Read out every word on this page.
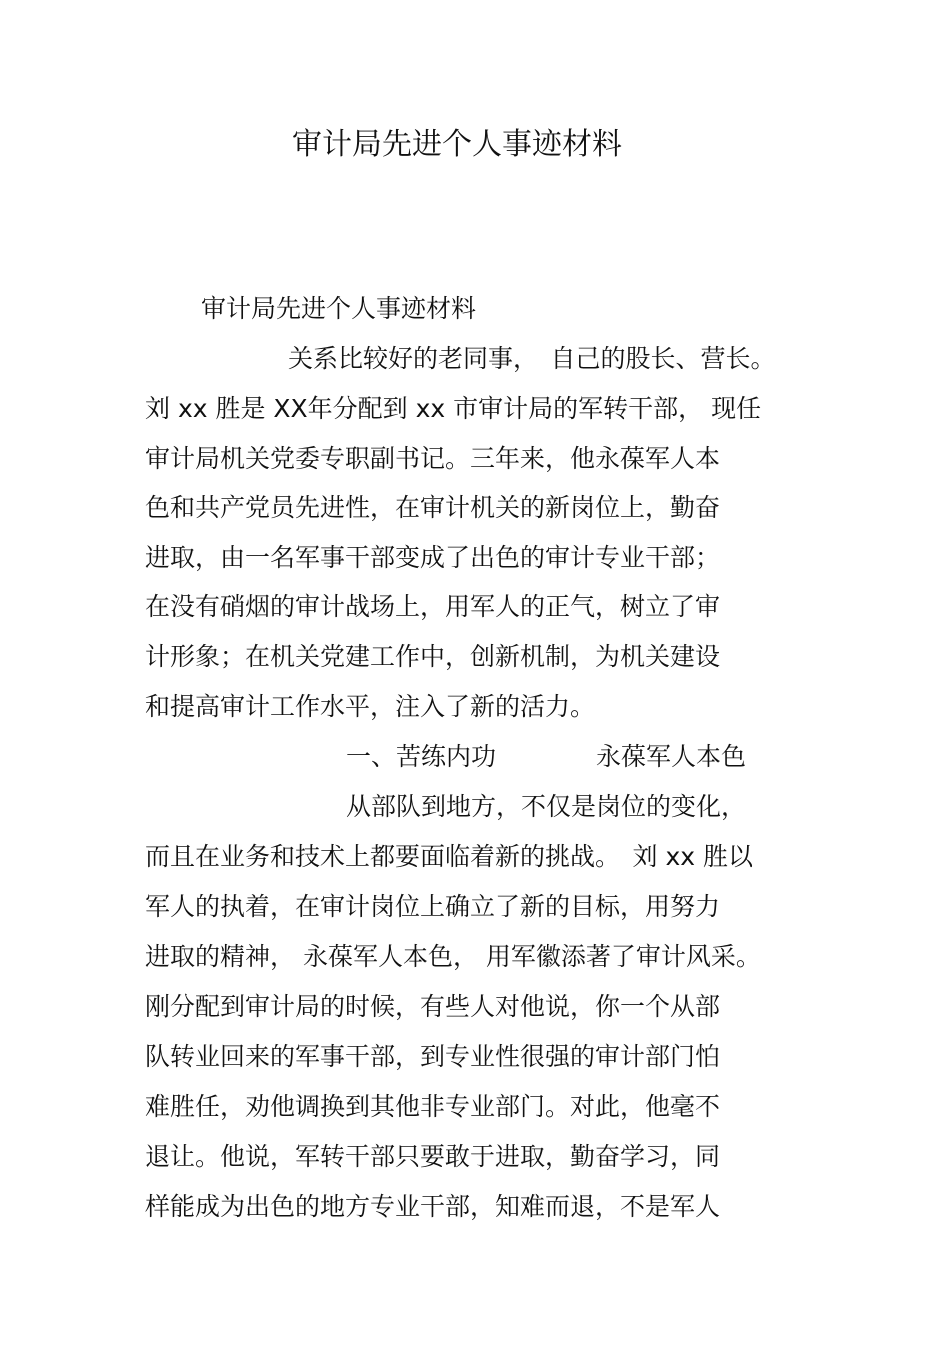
审计局先进个人事迹材料
审计局先进个人事迹材料
关系比较好的老同事，　自己的股长、营长。
刘 xx 胜是 XX年分配到 xx 市审计局的军转干部， 现任
审计局机关党委专职副书记。三年来，他永葆军人本
色和共产党员先进性，在审计机关的新岗位上，勤奋
进取，由一名军事干部变成了出色的审计专业干部；
在没有硝烟的审计战场上，用军人的正气，树立了审
计形象；在机关党建工作中，创新机制，为机关建设
和提高审计工作水平，注入了新的活力。
一、苦练内功　　　　永葆军人本色
从部队到地方，不仅是岗位的变化，
而且在业务和技术上都要面临着新的挑战。　刘 xx 胜以
军人的执着，在审计岗位上确立了新的目标，用努力
进取的精神， 永葆军人本色， 用军徽添著了审计风采。
刚分配到审计局的时候，有些人对他说，你一个从部
队转业回来的军事干部，到专业性很强的审计部门怕
难胜任，劝他调换到其他非专业部门。对此，他毫不
退让。他说，军转干部只要敢于进取，勤奋学习，同
样能成为出色的地方专业干部，知难而退，不是军人
